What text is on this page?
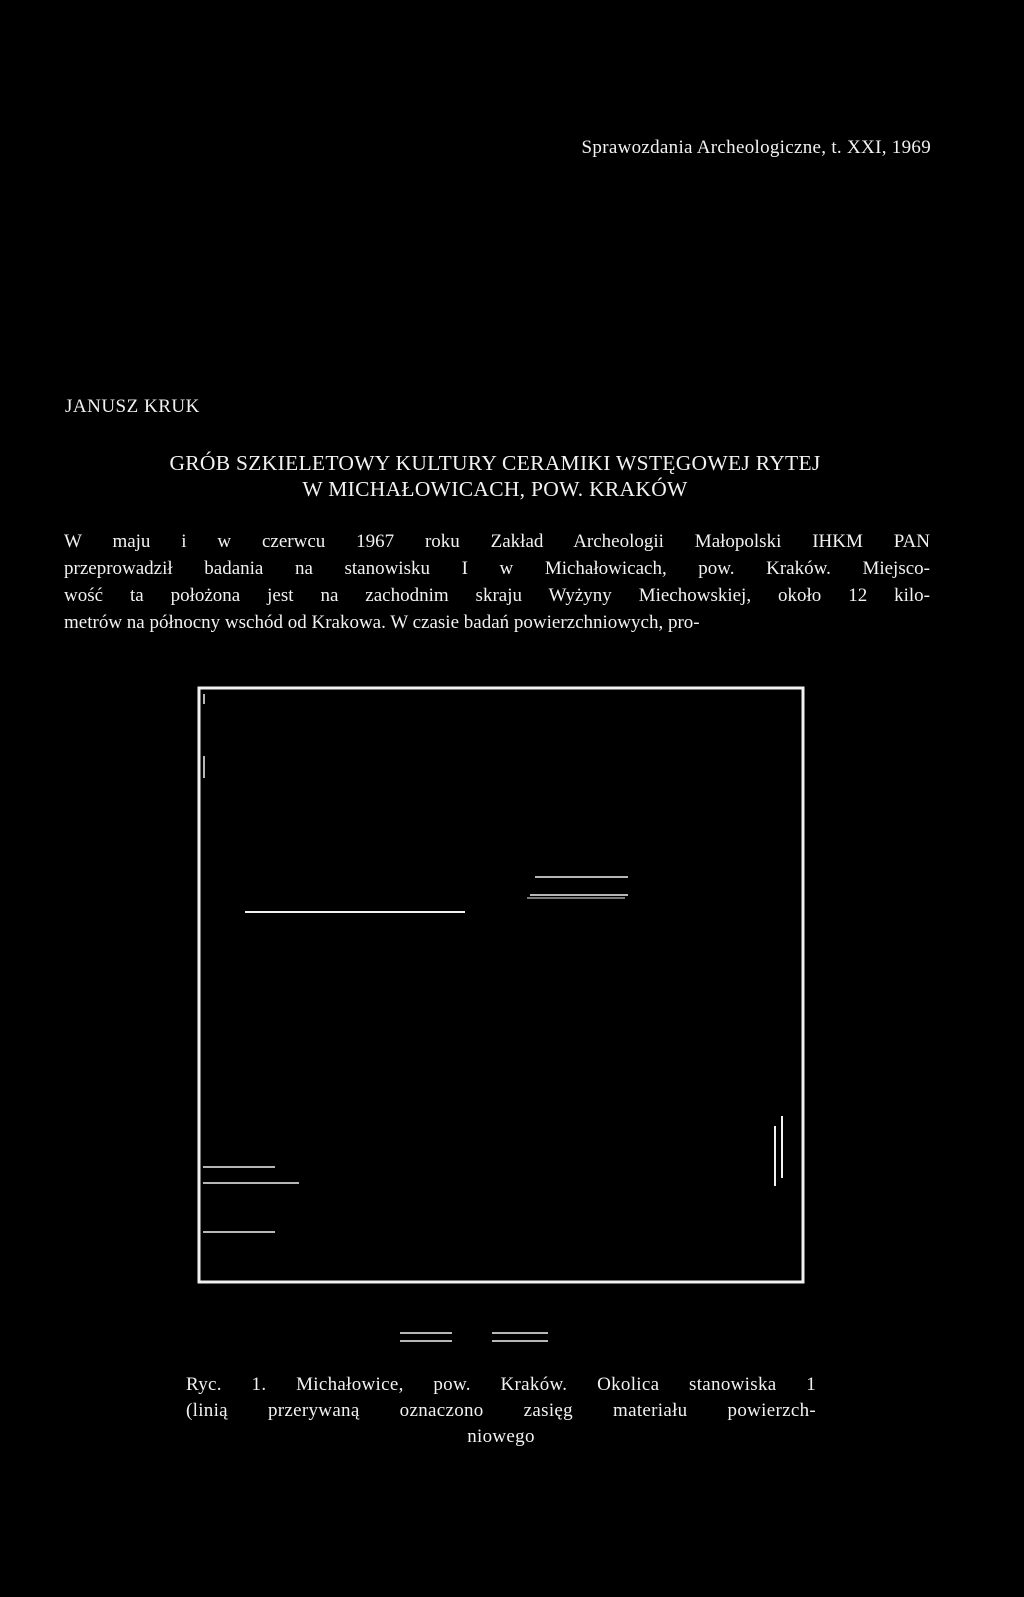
Sprawozdania Archeologiczne, t. XXI, 1969
JANUSZ KRUK
GRÓB SZKIELETOWY KULTURY CERAMIKI WSTĘGOWEJ RYTEJ
W MICHAŁOWICACH, POW. KRAKÓW
W maju i w czerwcu 1967 roku Zakład Archeologii Małopolski IHKM PAN
przeprowadził badania na stanowisku I w Michałowicach, pow. Kraków. Miejsco-
wość ta położona jest na zachodnim skraju Wyżyny Miechowskiej, około 12 kilo-
metrów na północny wschód od Krakowa. W czasie badań powierzchniowych, pro-
Ryc. 1. Michałowice, pow. Kraków. Okolica stanowiska 1
(linią przerywaną oznaczono zasięg materiału powierzch-
niowego
